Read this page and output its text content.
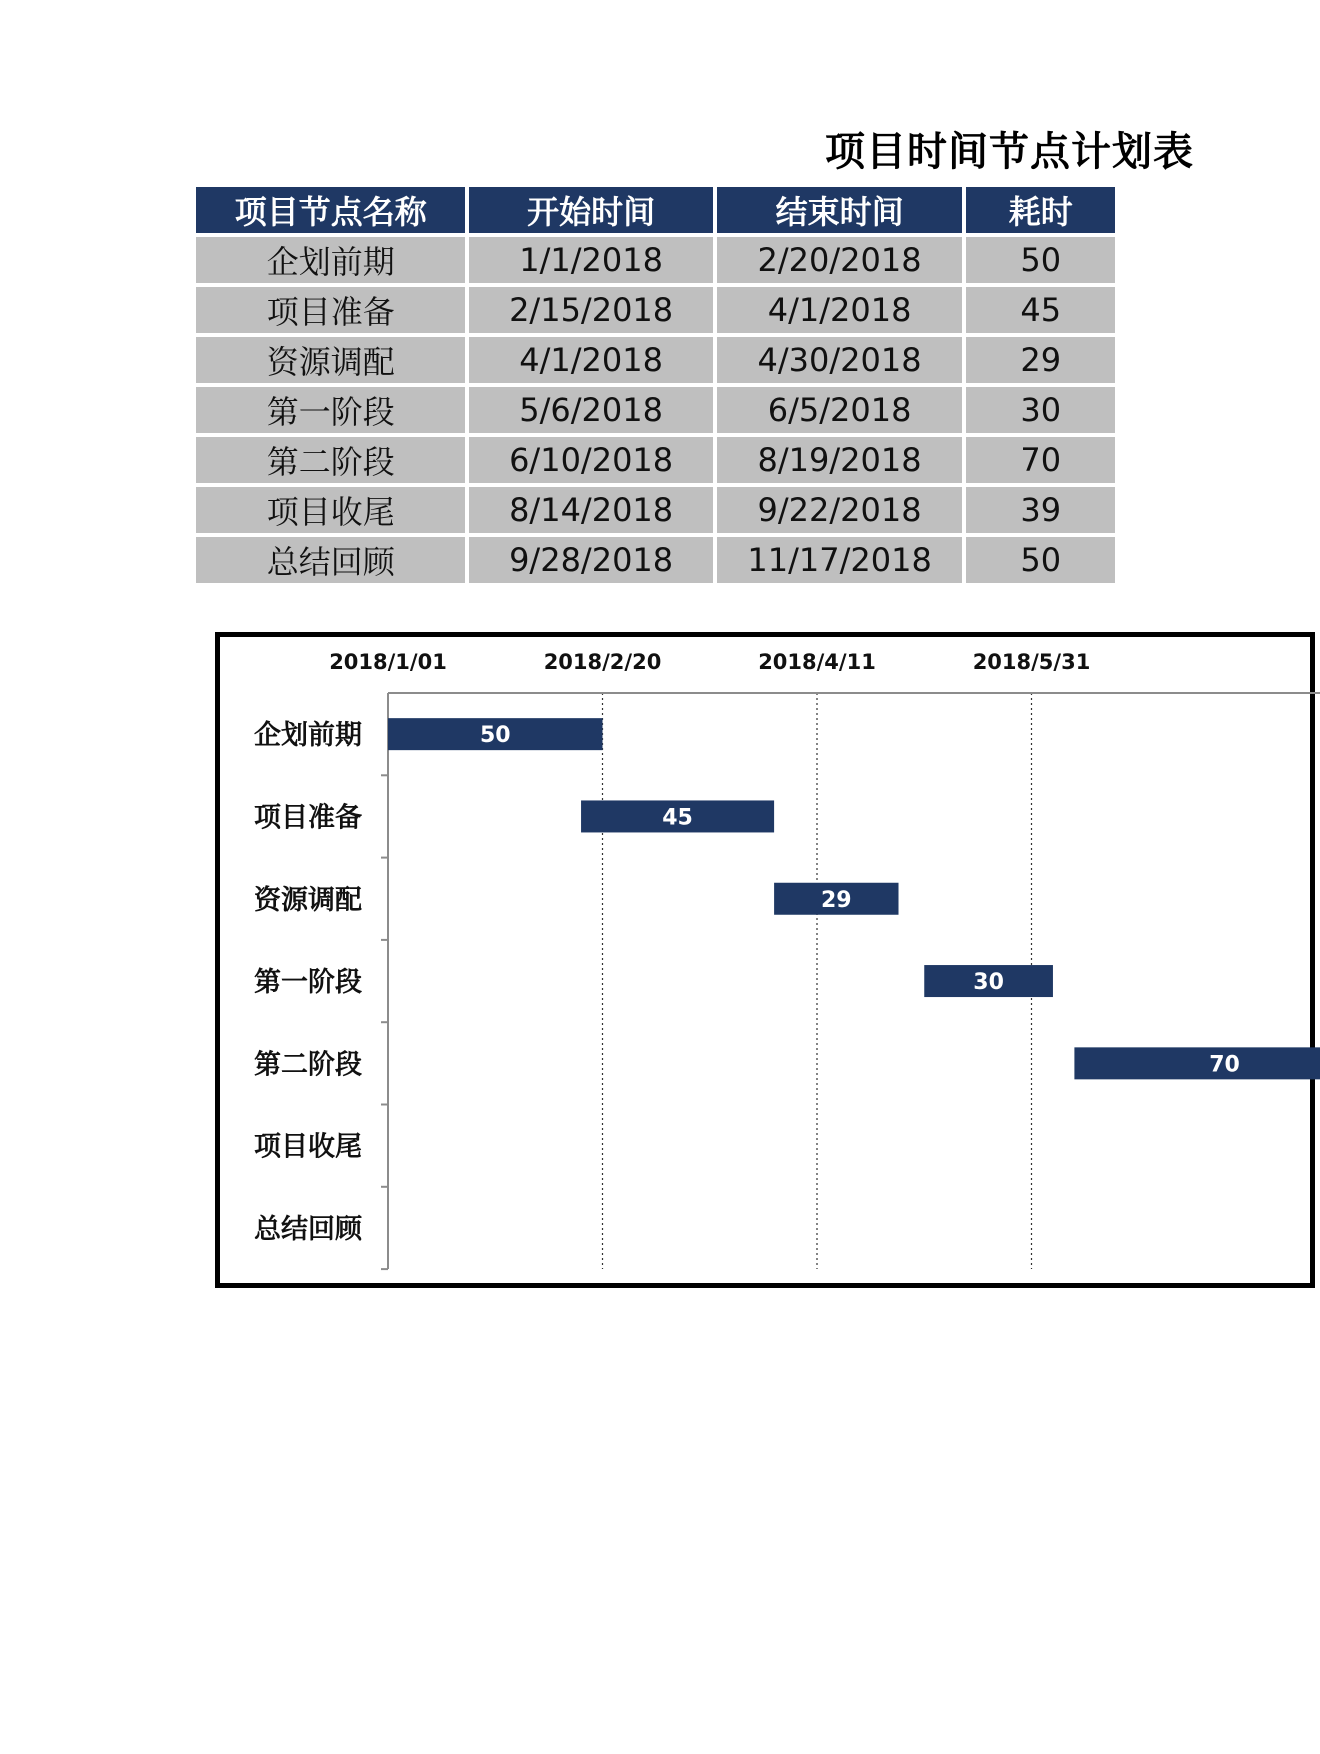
项目时间节点计划表
项目节点名称	开始时间	结束时间	耗时
企划前期	1/1/2018	2/20/2018	50
项目准备	2/15/2018	4/1/2018	45
资源调配	4/1/2018	4/30/2018	29
第一阶段	5/6/2018	6/5/2018	30
第二阶段	6/10/2018	8/19/2018	70
项目收尾	8/14/2018	9/22/2018	39
总结回顾	9/28/2018	11/17/2018	50
2018/1/01	2018/2/20	2018/4/11	2018/5/31
企划前期	50
项目准备	45
资源调配	29
第一阶段	30
第二阶段	70
项目收尾
总结回顾
